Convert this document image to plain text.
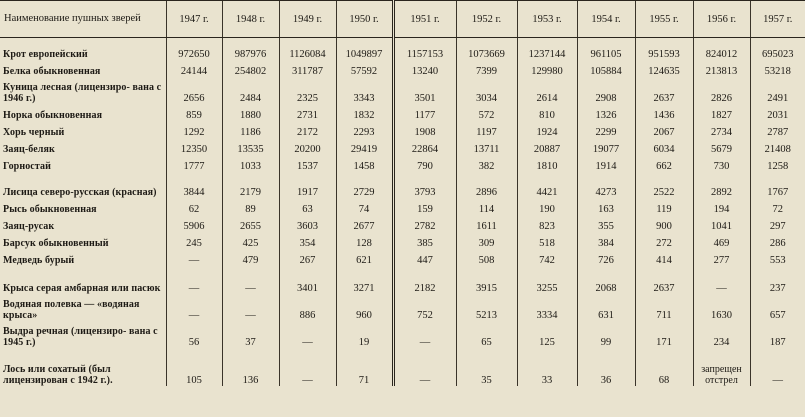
Наименование пушных зверей	1947 г.	1948 г.	1949 г.	1950 г.	1951 г.	1952 г.	1953 г.	1954 г.	1955 г.	1956 г.	1957 г.
Крот европейский	972650	987976	1126084	1049897	1157153	1073669	1237144	961105	951593	824012	695023
Белка обыкновенная	24144	254802	311787	57592	13240	7399	129980	105884	124635	213813	53218
Куница лесная (лицензиро- вана с 1946 г.)	2656	2484	2325	3343	3501	3034	2614	2908	2637	2826	2491
Норка обыкновенная	859	1880	2731	1832	1177	572	810	1326	1436	1827	2031
Хорь черный	1292	1186	2172	2293	1908	1197	1924	2299	2067	2734	2787
Заяц-беляк	12350	13535	20200	29419	22864	13711	20887	19077	6034	5679	21408
Горностай	1777	1033	1537	1458	790	382	1810	1914	662	730	1258
Лисица северо-русская (красная)	3844	2179	1917	2729	3793	2896	4421	4273	2522	2892	1767
Рысь обыкновенная	62	89	63	74	159	114	190	163	119	194	72
Заяц-русак	5906	2655	3603	2677	2782	1611	823	355	900	1041	297
Барсук обыкновенный	245	425	354	128	385	309	518	384	272	469	286
Медведь бурый	—	479	267	621	447	508	742	726	414	277	553
Крыса серая амбарная или пасюк	—	—	3401	3271	2182	3915	3255	2068	2637	—	237
Водяная полевка — «водяная крыса»	—	—	886	960	752	5213	3334	631	711	1630	657
Выдра речная (лицензиро- вана с 1945 г.)	56	37	—	19	—	65	125	99	171	234	187
Лось или сохатый (был лицензирован с 1942 г.).	105	136	—	71	—	35	33	36	68	запрещен отстрел	—
